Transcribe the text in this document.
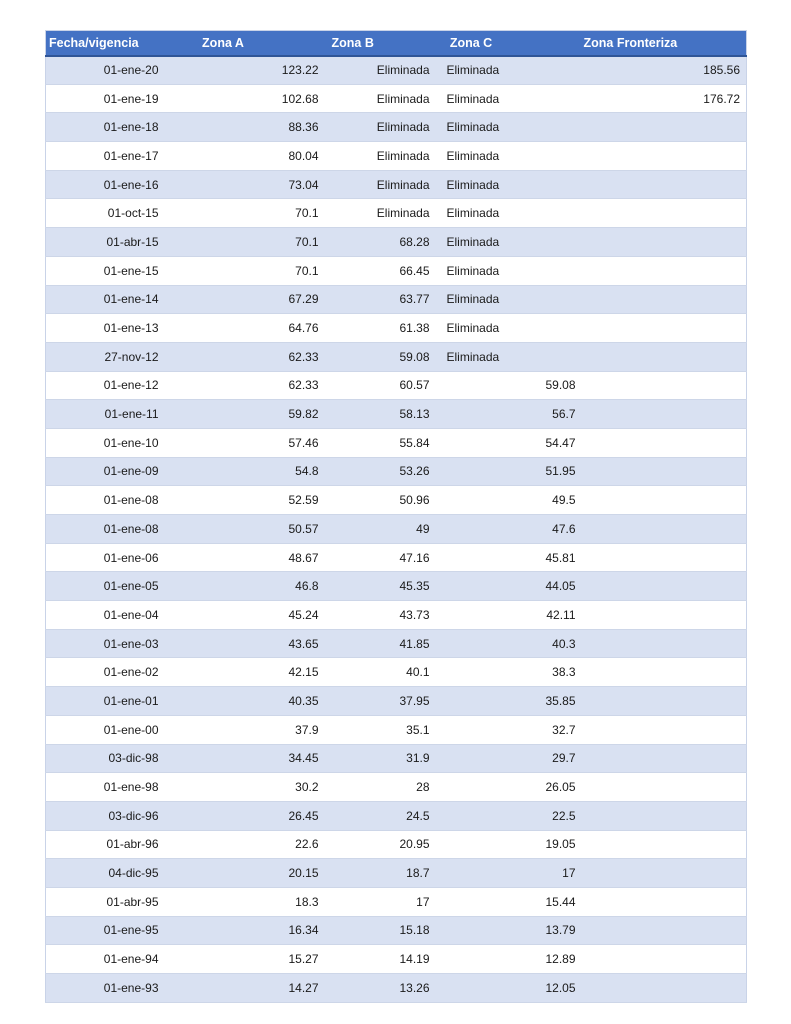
Fecha/vigencia	Zona A	Zona B	Zona C	Zona Fronteriza
01-ene-20	123.22	Eliminada	Eliminada	185.56
01-ene-19	102.68	Eliminada	Eliminada	176.72
01-ene-18	88.36	Eliminada	Eliminada	
01-ene-17	80.04	Eliminada	Eliminada	
01-ene-16	73.04	Eliminada	Eliminada	
01-oct-15	70.1	Eliminada	Eliminada	
01-abr-15	70.1	68.28	Eliminada	
01-ene-15	70.1	66.45	Eliminada	
01-ene-14	67.29	63.77	Eliminada	
01-ene-13	64.76	61.38	Eliminada	
27-nov-12	62.33	59.08	Eliminada	
01-ene-12	62.33	60.57	59.08	
01-ene-11	59.82	58.13	56.7	
01-ene-10	57.46	55.84	54.47	
01-ene-09	54.8	53.26	51.95	
01-ene-08	52.59	50.96	49.5	
01-ene-08	50.57	49	47.6	
01-ene-06	48.67	47.16	45.81	
01-ene-05	46.8	45.35	44.05	
01-ene-04	45.24	43.73	42.11	
01-ene-03	43.65	41.85	40.3	
01-ene-02	42.15	40.1	38.3	
01-ene-01	40.35	37.95	35.85	
01-ene-00	37.9	35.1	32.7	
03-dic-98	34.45	31.9	29.7	
01-ene-98	30.2	28	26.05	
03-dic-96	26.45	24.5	22.5	
01-abr-96	22.6	20.95	19.05	
04-dic-95	20.15	18.7	17	
01-abr-95	18.3	17	15.44	
01-ene-95	16.34	15.18	13.79	
01-ene-94	15.27	14.19	12.89	
01-ene-93	14.27	13.26	12.05	
